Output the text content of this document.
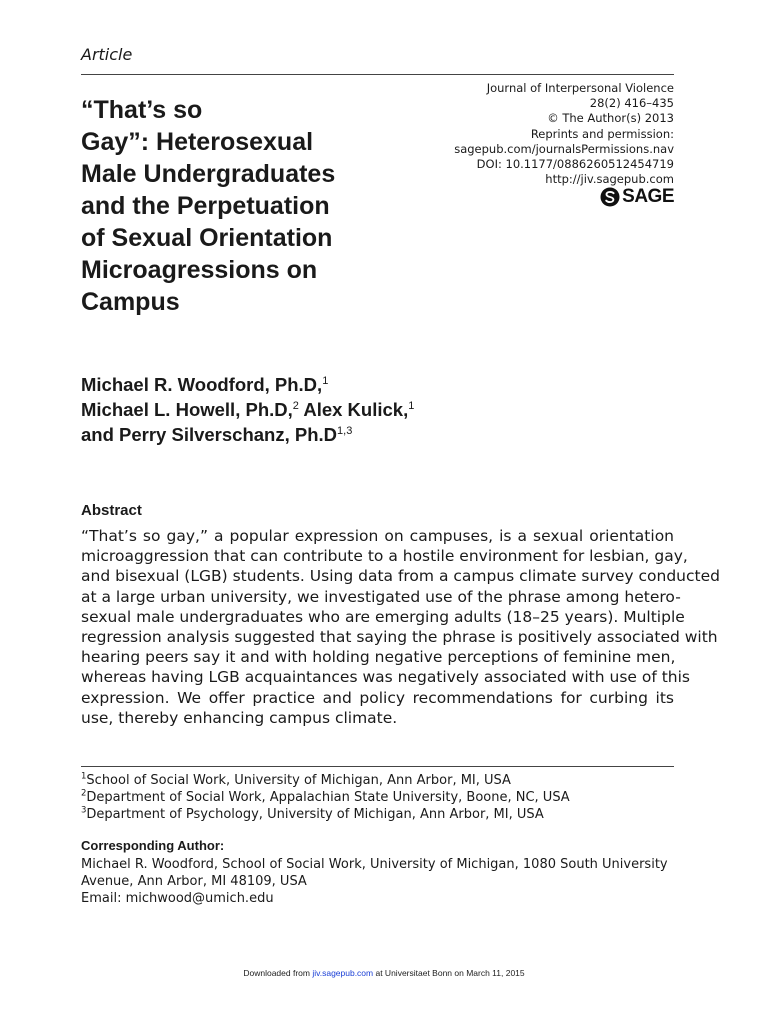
Article
“That’s so
Gay”: Heterosexual
Male Undergraduates
and the Perpetuation
of Sexual Orientation
Microagressions on
Campus
Journal of Interpersonal Violence
28(2) 416–435
© The Author(s) 2013
Reprints and permission:
sagepub.com/journalsPermissions.nav
DOI: 10.1177/0886260512454719
http://jiv.sagepub.com
SAGE
Michael R. Woodford, Ph.D,$^1$
Michael L. Howell, Ph.D,$^2$ Alex Kulick,$^1$
and Perry Silverschanz, $Ph.D^{1,3}$
Abstract
“That’s so gay,” a popular expression on campuses, is a sexual orientation
microaggression that can contribute to a hostile environment for lesbian, gay,
and bisexual (LGB) students. Using data from a campus climate survey conducted
at a large urban university, we investigated use of the phrase among hetero-
sexual male undergraduates who are emerging adults (18–25 years). Multiple
regression analysis suggested that saying the phrase is positively associated with
hearing peers say it and with holding negative perceptions of feminine men,
whereas having LGB acquaintances was negatively associated with use of this
expression. We offer practice and policy recommendations for curbing its
use, thereby enhancing campus climate.
$^1$School of Social Work, University of Michigan, Ann Arbor, MI, USA
$^2$Department of Social Work, Appalachian State University, Boone, NC, USA
$^3$Department of Psychology, University of Michigan, Ann Arbor, MI, USA
Corresponding Author:
Michael R. Woodford, School of Social Work, University of Michigan, 1080 South University
Avenue, Ann Arbor, MI 48109, USA
Email: michwood@umich.edu
Downloaded from jiv.sagepub.com at Universitaet Bonn on March 11, 2015
